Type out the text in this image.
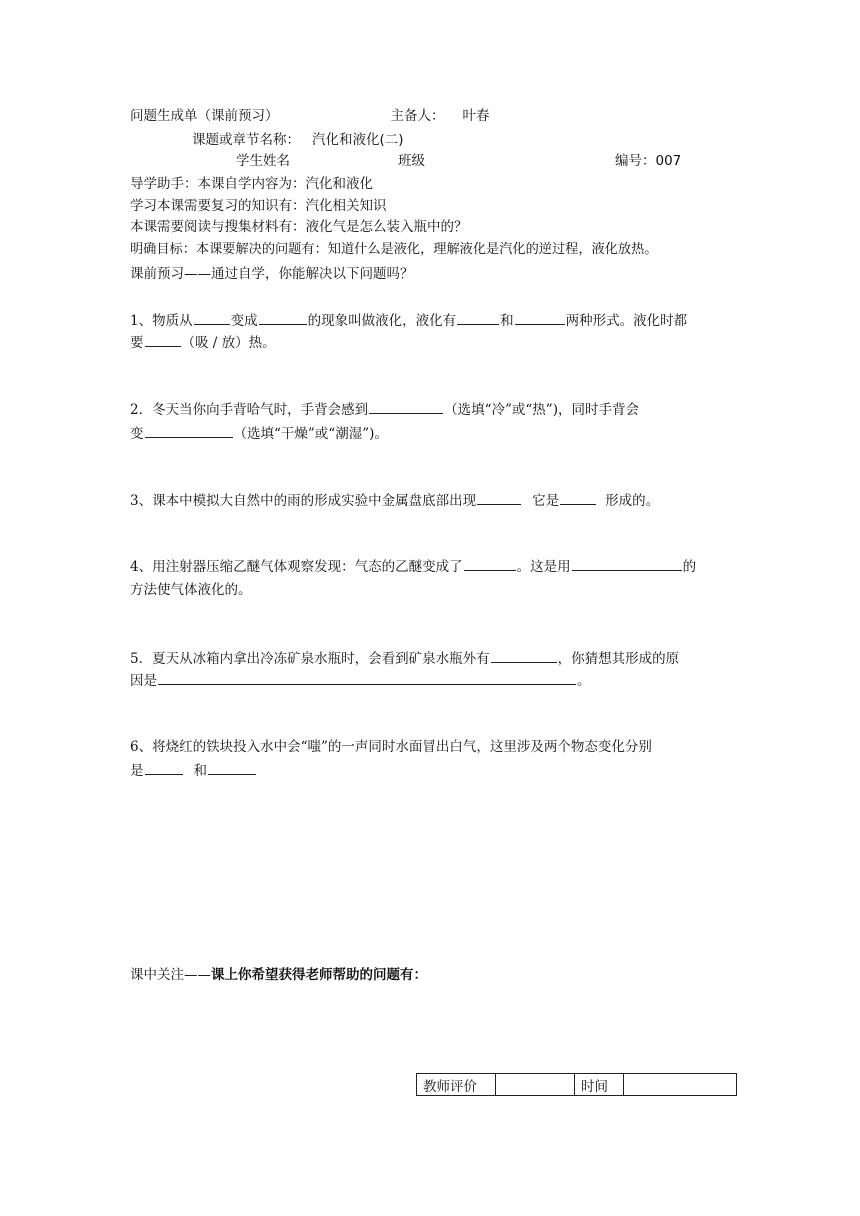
问题生成单（课前预习）	主备人： 叶春
课题或章节名称： 汽化和液化(二)
学生姓名	班级	编号：007
导学助手：本课自学内容为：汽化和液化
学习本课需要复习的知识有：汽化相关知识
本课需要阅读与搜集材料有：液化气是怎么装入瓶中的？
明确目标：本课要解决的问题有：知道什么是液化，理解液化是汽化的逆过程，液化放热。
课前预习——通过自学，你能解决以下问题吗？
1、物质从	变成	的现象叫做液化，液化有	和	两种形式。液化时都
要	（吸 / 放）热。
2．冬天当你向手背哈气时，手背会感到	（选填“冷”或“热”)，同时手背会
变	（选填“干燥”或“潮湿”)。
3、课本中模拟大自然中的雨的形成实验中金属盘底部出现	它是	形成的。
4、用注射器压缩乙醚气体观察发现：气态的乙醚变成了	。这是用	的
方法使气体液化的。
5．夏天从冰箱内拿出冷冻矿泉水瓶时，会看到矿泉水瓶外有	，你猜想其形成的原
因是	。
6、将烧红的铁块投入水中会“嗤”的一声同时水面冒出白气，这里涉及两个物态变化分别
是	和
课中关注——课上你希望获得老师帮助的问题有：
教师评价		时间	
